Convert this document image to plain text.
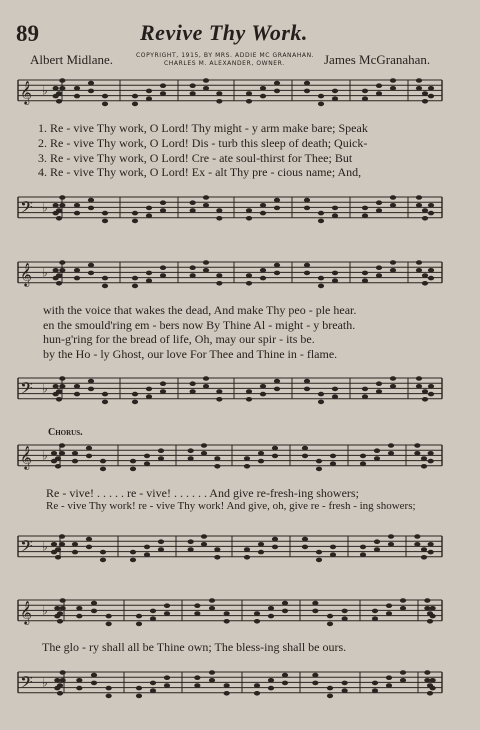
𝄞 ♭
𝄢 ♭
𝄞 ♭
𝄢 ♭
𝄞 ♭
𝄢 ♭
𝄞 ♭
𝄢 ♭
89	Revive Thy Work.
Albert Midlane.	COPYRIGHT, 1915, BY MRS. ADDIE MC GRANAHAN.
CHARLES M. ALEXANDER, OWNER.	James McGranahan.
1. Re - vive Thy work, O Lord! Thy might - y arm make bare; Speak
2. Re - vive Thy work, O Lord! Dis - turb this sleep of death; Quick-
3. Re - vive Thy work, O Lord! Cre - ate soul-thirst for Thee; But
4. Re - vive Thy work, O Lord! Ex - alt Thy pre - cious name; And,
with the voice that wakes the dead, And make Thy peo - ple hear.
en the smould'ring em - bers now By Thine Al - might - y breath.
hun-g'ring for the bread of life, Oh, may our spir - its be.
by the Ho - ly Ghost, our love For Thee and Thine in - flame.
Chorus.
Re - vive! . . . . . re - vive! . . . . . . And give re-fresh-ing showers;
Re - vive Thy work! re - vive Thy work! And give, oh, give re - fresh - ing showers;
The glo - ry shall all be Thine own; The bless-ing shall be ours.
